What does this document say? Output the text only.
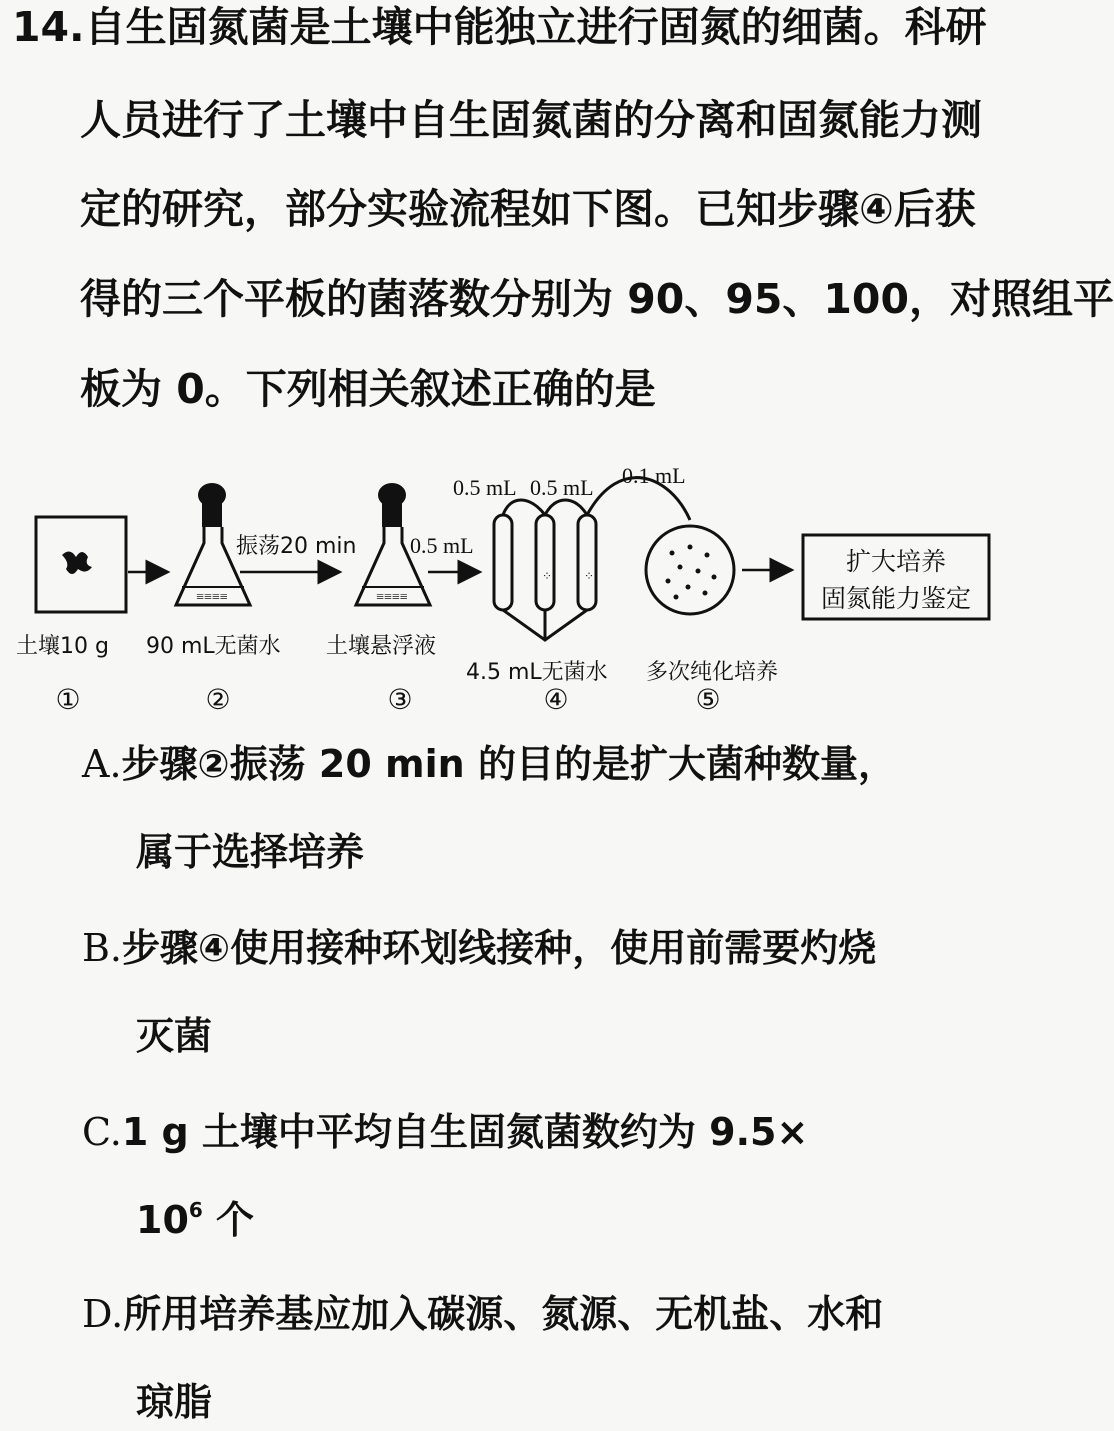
14.自生固氮菌是土壤中能独立进行固氮的细菌。科研

人员进行了土壤中自生固氮菌的分离和固氮能力测

定的研究，部分实验流程如下图。已知步骤④后获

得的三个平板的菌落数分别为 90、95、100，对照组平

板为 0。下列相关叙述正确的是

≡≡≡≡
振荡20 min
≡≡≡≡
0.5 mL
⁘	⁘
0.5 mL 0.5 mL 0.1 mL
扩大培养
固氮能力鉴定
土壤10 g 90 mL无菌水 土壤悬浮液
4.5 mL无菌水 多次纯化培养
①	②	③	④	⑤

A.步骤②振荡 20 min 的目的是扩大菌种数量，

属于选择培养

B.步骤④使用接种环划线接种，使用前需要灼烧

灭菌

C.1 g 土壤中平均自生固氮菌数约为 9.5×

$10^6$ 个

D.所用培养基应加入碳源、氮源、无机盐、水和

琼脂
